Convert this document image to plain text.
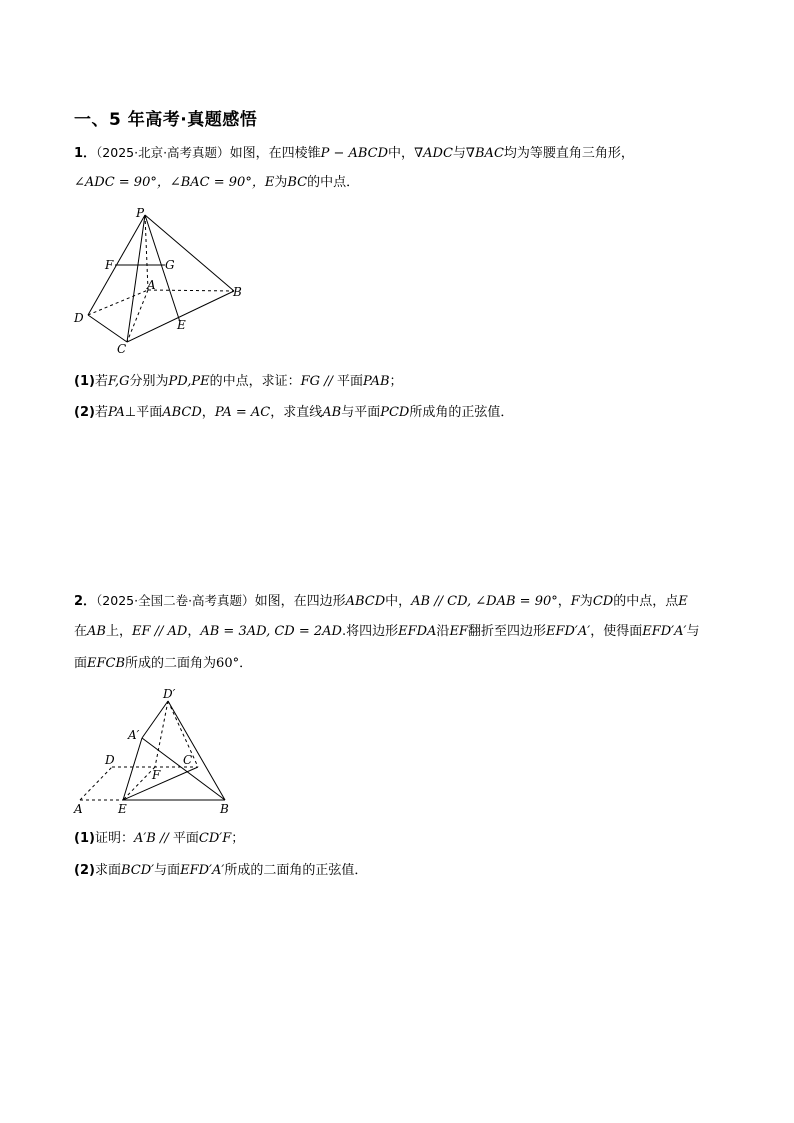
一、5 年高考·真题感悟
1．（2025·北京·高考真题）如图，在四棱锥P − ABCD中，∇ADC与∇BAC均为等腰直角三角形，
∠ADC = 90°，∠BAC = 90°，E为BC的中点．
P
F	G
A	B
D	E
C
(1)若F,G分别为PD,PE的中点，求证：FG // 平面PAB；
(2)若PA⊥平面ABCD，PA = AC，求直线AB与平面PCD所成角的正弦值．
2．（2025·全国二卷·高考真题）如图，在四边形ABCD中，AB // CD, ∠DAB = 90°，F为CD的中点，点E
在AB上，EF // AD，AB = 3AD, CD = 2AD.将四边形EFDA沿EF翻折至四边形EFD′A′，使得面EFD′A′与
面EFCB所成的二面角为60°．
D′
A′
D	C
F
A	E	B
(1)证明：A′B // 平面CD′F；
(2)求面BCD′与面EFD′A′所成的二面角的正弦值．
